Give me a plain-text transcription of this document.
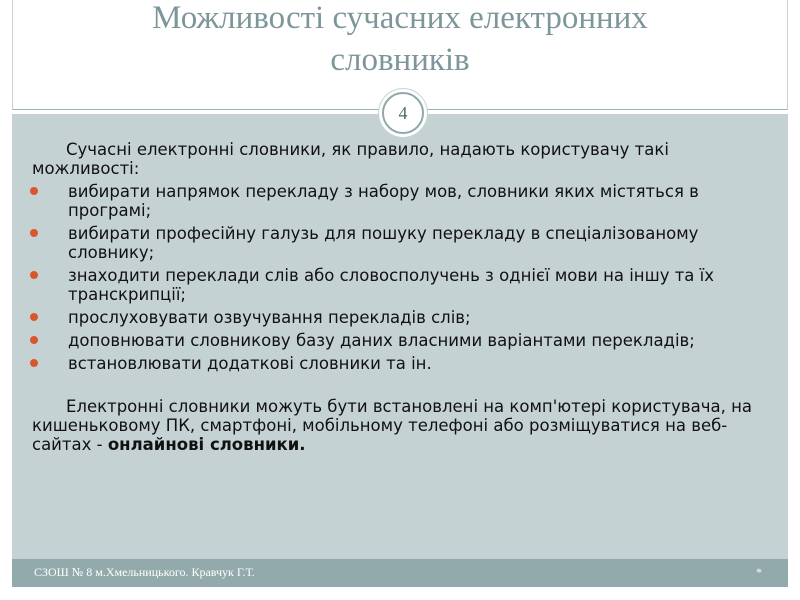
Можливості сучасних електронних
словників
4

Сучасні електронні словники, як правило, надають користувачу такі можливості:

вибирати напрямок перекладу з набору мов, словники яких містяться в програмі;
вибирати професійну галузь для пошуку перекладу в спеціалізованому словнику;
знаходити переклади слів або словосполучень з однієї мови на іншу та їх транскрипції;
прослуховувати озвучування перекладів слів;
доповнювати словникову базу даних власними варіантами перекладів;
встановлювати додаткові словники та ін.

Електронні словники можуть бути встановлені на комп'ютері користувача, на кишеньковому ПК, смартфоні, мобільному телефоні або розміщуватися на веб-сайтах - онлайнові словники.

СЗОШ № 8 м.Хмельницького. Кравчук Г.Т.	*
